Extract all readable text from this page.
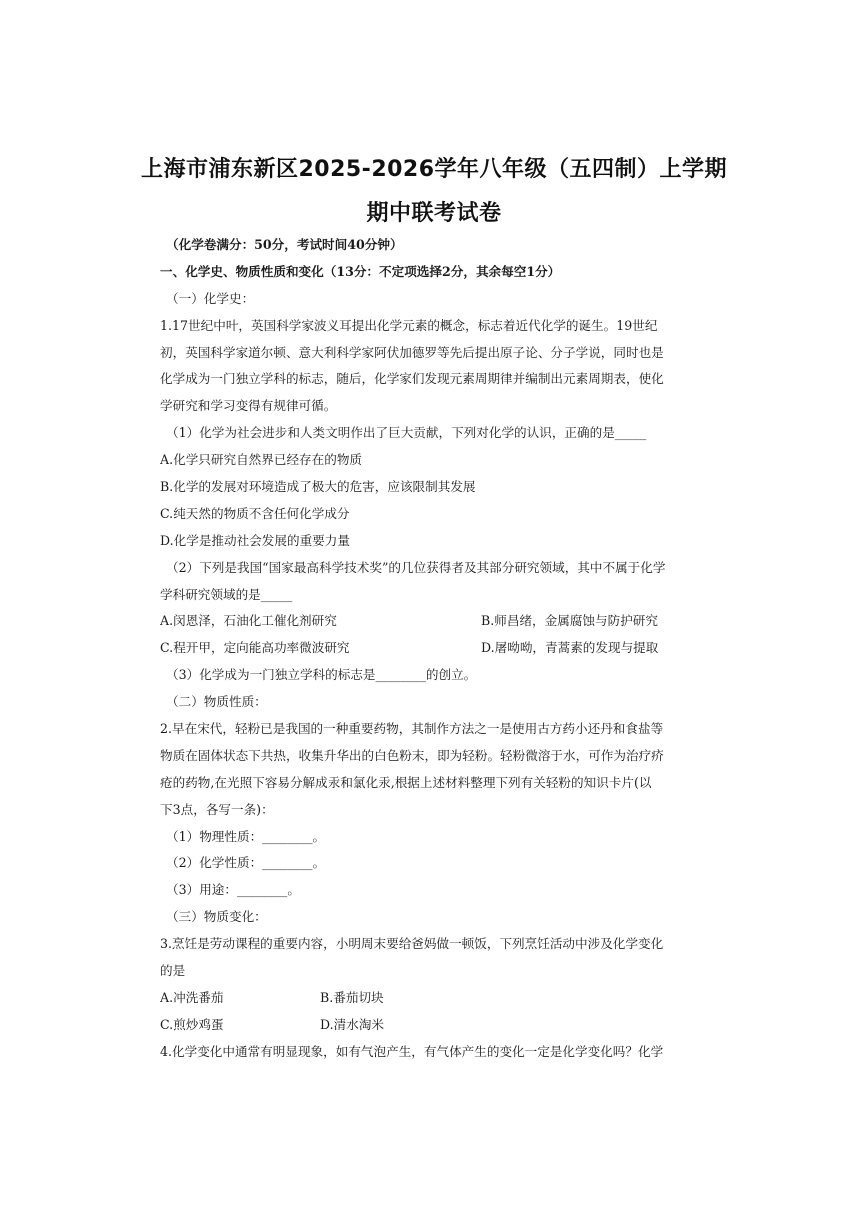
上海市浦东新区2025-2026学年八年级（五四制）上学期
期中联考试卷
（化学卷满分：50分，考试时间40分钟）
一、化学史、物质性质和变化（13分：不定项选择2分，其余每空1分）
（一）化学史：
1.17世纪中叶，英国科学家波义耳提出化学元素的概念，标志着近代化学的诞生。19世纪
初，英国科学家道尔顿、意大利科学家阿伏加德罗等先后提出原子论、分子学说，同时也是
化学成为一门独立学科的标志，随后，化学家们发现元素周期律并编制出元素周期表，使化
学研究和学习变得有规律可循。
（1）化学为社会进步和人类文明作出了巨大贡献，下列对化学的认识，正确的是_____
A.化学只研究自然界已经存在的物质
B.化学的发展对环境造成了极大的危害，应该限制其发展
C.纯天然的物质不含任何化学成分
D.化学是推动社会发展的重要力量
（2）下列是我国“国家最高科学技术奖”的几位获得者及其部分研究领域，其中不属于化学
学科研究领域的是_____
A.闵恩泽，石油化工催化剂研究	B.师昌绪，金属腐蚀与防护研究
C.程开甲，定向能高功率微波研究	D.屠呦呦，青蒿素的发现与提取
（3）化学成为一门独立学科的标志是________的创立。
（二）物质性质：
2.早在宋代，轻粉已是我国的一种重要药物，其制作方法之一是使用古方药小还丹和食盐等
物质在固体状态下共热，收集升华出的白色粉末，即为轻粉。轻粉微溶于水，可作为治疗疥
疮的药物,在光照下容易分解成汞和氯化汞,根据上述材料整理下列有关轻粉的知识卡片(以
下3点，各写一条)：
（1）物理性质：________。
（2）化学性质：________。
（3）用途：________。
（三）物质变化：
3.烹饪是劳动课程的重要内容，小明周末要给爸妈做一顿饭，下列烹饪活动中涉及化学变化
的是
A.冲洗番茄	B.番茄切块
C.煎炒鸡蛋	D.清水淘米
4.化学变化中通常有明显现象，如有气泡产生，有气体产生的变化一定是化学变化吗？化学
